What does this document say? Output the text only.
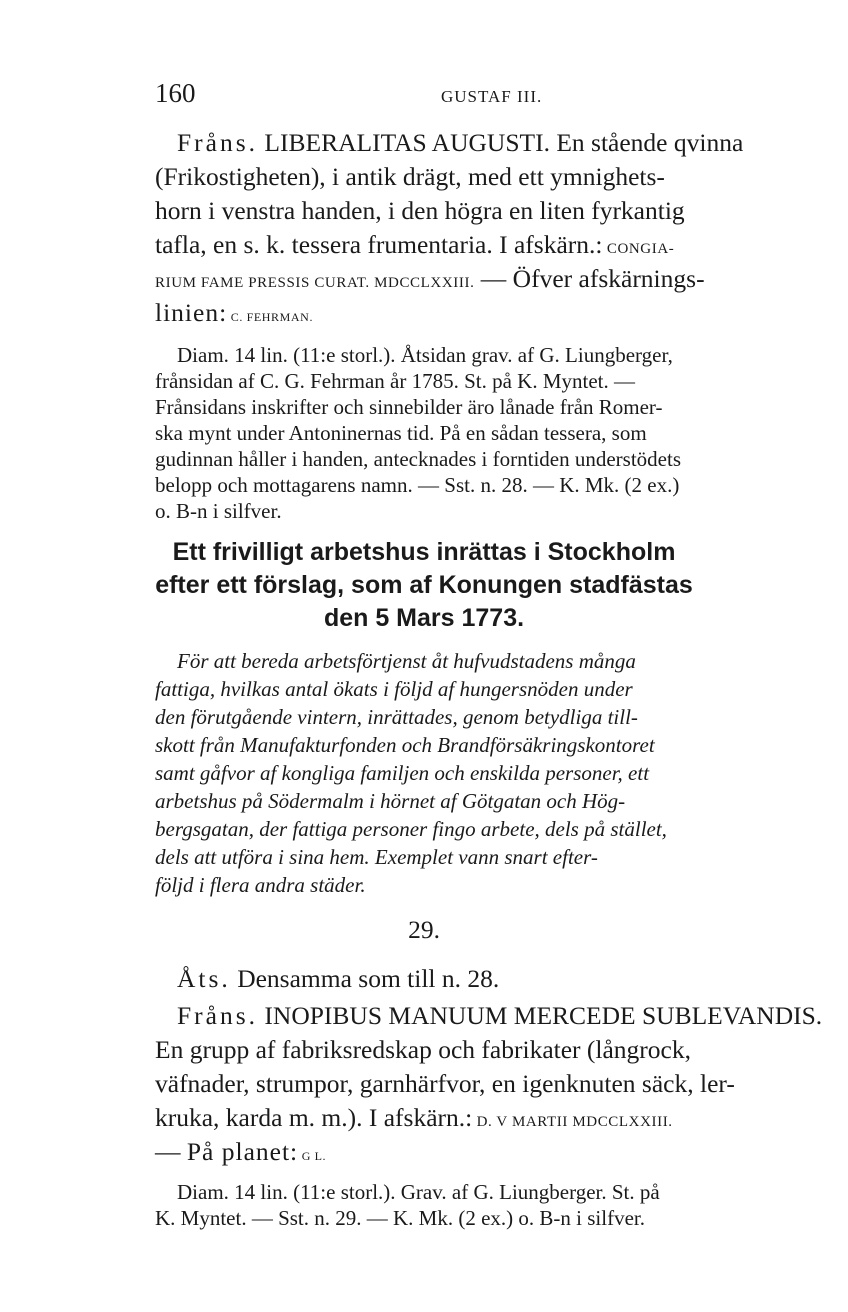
160	GUSTAF III.
Fråns. LIBERALITAS AUGUSTI. En stående qvinna
(Frikostigheten), i antik drägt, med ett ymnighets-
horn i venstra handen, i den högra en liten fyrkantig
tafla, en s. k. tessera frumentaria. I afskärn.: CONGIA-
RIUM FAME PRESSIS CURAT. MDCCLXXIII. — Öfver afskärnings-
linien: C. FEHRMAN.
Diam. 14 lin. (11:e storl.). Åtsidan grav. af G. Liungberger,
frånsidan af C. G. Fehrman år 1785. St. på K. Myntet. —
Frånsidans inskrifter och sinnebilder äro lånade från Romer-
ska mynt under Antoninernas tid. På en sådan tessera, som
gudinnan håller i handen, antecknades i forntiden understödets
belopp och mottagarens namn. — Sst. n. 28. — K. Mk. (2 ex.)
o. B-n i silfver.
Ett frivilligt arbetshus inrättas i Stockholm
efter ett förslag, som af Konungen stadfästas
den 5 Mars 1773.
För att bereda arbetsförtjenst åt hufvudstadens många
fattiga, hvilkas antal ökats i följd af hungersnöden under
den förutgående vintern, inrättades, genom betydliga till-
skott från Manufakturfonden och Brandförsäkringskontoret
samt gåfvor af kongliga familjen och enskilda personer, ett
arbetshus på Södermalm i hörnet af Götgatan och Hög-
bergsgatan, der fattiga personer fingo arbete, dels på stället,
dels att utföra i sina hem. Exemplet vann snart efter-
följd i flera andra städer.
29.
Åts. Densamma som till n. 28.
Fråns. INOPIBUS MANUUM MERCEDE SUBLEVANDIS.
En grupp af fabriksredskap och fabrikater (långrock,
väfnader, strumpor, garnhärfvor, en igenknuten säck, ler-
kruka, karda m. m.). I afskärn.: D. V MARTII MDCCLXXIII.
— På planet: G L.
Diam. 14 lin. (11:e storl.). Grav. af G. Liungberger. St. på
K. Myntet. — Sst. n. 29. — K. Mk. (2 ex.) o. B-n i silfver.
